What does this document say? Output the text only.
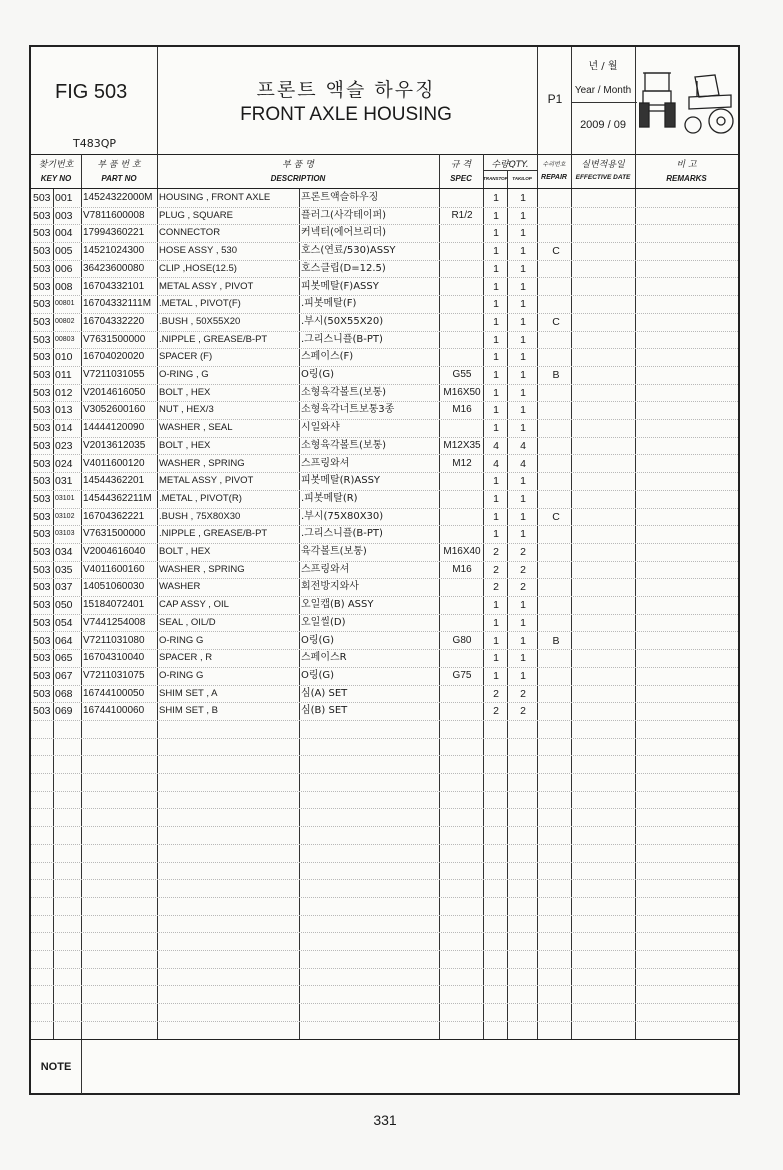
FIG 503
T483QP
프론트 액슬 하우징
FRONT AXLE HOUSING
P1
년 / 월
Year / Month
2009 / 09
찾기번호
KEY NO
부 품 번 호
PART NO
부 품 명
DESCRIPTION
규 격
SPEC
수량QTY.
TRANSTOP	TAKILOP
수리번호
REPAIR
실변적용일
EFFECTIVE DATE
비 고
REMARKS
503 001	14524322000M HOUSING , FRONT AXLE	프론트액슬하우징	1	1
503 003	V7811600008	PLUG , SQUARE	플러그(사각테이퍼)	R1/2	1	1
503 004	17994360221	CONNECTOR	커넥터(에어브리더)	1	1
503 005	14521024300	HOSE ASSY , 530	호스(연료/530)ASSY	1	1	C
503 006	36423600080	CLIP ,HOSE(12.5)	호스클립(D=12.5)	1	1
503 008	16704332101	METAL ASSY , PIVOT	피봇메탈(F)ASSY	1	1
503 00801 16704332111M .METAL , PIVOT(F)	.피봇메탈(F)	1	1
503 00802 16704332220	.BUSH , 50X55X20	.부시(50X55X20)	1	1	C
503 00803 V7631500000	.NIPPLE , GREASE/B-PT	.그리스니플(B-PT)	1	1
503 010	16704020020	SPACER (F)	스페이스(F)	1	1
503 011	V7211031055	O-RING , G	O링(G)	G55	1	1	B
503 012	V2014616050	BOLT , HEX	소형육각볼트(보통)	M16X50	1	1
503 013	V3052600160	NUT , HEX/3	소형육각너트보통3종	M16	1	1
503 014	14444120090	WASHER , SEAL	시일와샤	1	1
503 023	V2013612035	BOLT , HEX	소형육각볼트(보통)	M12X35	4	4
503 024	V4011600120	WASHER , SPRING	스프링와셔	M12	4	4
503 031	14544362201	METAL ASSY , PIVOT	피봇메탈(R)ASSY	1	1
503 03101 14544362211M .METAL , PIVOT(R)	.피봇메탈(R)	1	1
503 03102 16704362221	.BUSH , 75X80X30	.부시(75X80X30)	1	1	C
503 03103 V7631500000	.NIPPLE , GREASE/B-PT	.그리스니플(B-PT)	1	1
503 034	V2004616040	BOLT , HEX	육각볼트(보통)	M16X40	2	2
503 035	V4011600160	WASHER , SPRING	스프링와셔	M16	2	2
503 037	14051060030	WASHER	회전방지와사	2	2
503 050	15184072401	CAP ASSY , OIL	오일캡(B) ASSY	1	1
503 054	V7441254008	SEAL , OIL/D	오일씰(D)	1	1
503 064	V7211031080	O-RING G	O링(G)	G80	1	1	B
503 065	16704310040	SPACER , R	스페이스R	1	1
503 067	V7211031075	O-RING G	O링(G)	G75	1	1
503 068	16744100050	SHIM SET , A	심(A) SET	2	2
503 069	16744100060	SHIM SET , B	심(B) SET	2	2
NOTE
331
